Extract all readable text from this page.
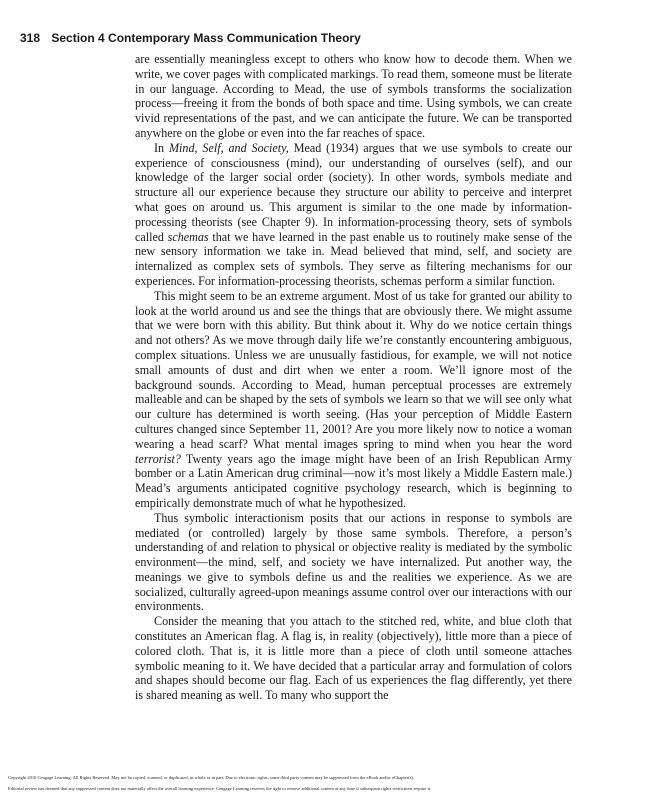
318 Section 4 Contemporary Mass Communication Theory

are essentially meaningless except to others who know how to decode them. When we write, we cover pages with complicated markings. To read them, someone must be literate in our language. According to Mead, the use of symbols transforms the socialization process—freeing it from the bonds of both space and time. Using symbols, we can create vivid representations of the past, and we can anticipate the future. We can be transported anywhere on the globe or even into the far reaches of space.

In Mind, Self, and Society, Mead (1934) argues that we use symbols to create our experience of consciousness (mind), our understanding of ourselves (self), and our knowledge of the larger social order (society). In other words, symbols mediate and structure all our experience because they structure our ability to perceive and interpret what goes on around us. This argument is similar to the one made by information-processing theorists (see Chapter 9). In information-processing theory, sets of symbols called schemas that we have learned in the past enable us to routinely make sense of the new sensory information we take in. Mead believed that mind, self, and society are internalized as complex sets of symbols. They serve as filtering mechanisms for our experiences. For information-processing theorists, schemas perform a similar function.

This might seem to be an extreme argument. Most of us take for granted our ability to look at the world around us and see the things that are obviously there. We might assume that we were born with this ability. But think about it. Why do we notice certain things and not others? As we move through daily life we’re constantly encountering ambiguous, complex situations. Unless we are unusually fastidious, for example, we will not notice small amounts of dust and dirt when we enter a room. We’ll ignore most of the background sounds. According to Mead, human perceptual processes are extremely malleable and can be shaped by the sets of symbols we learn so that we will see only what our culture has determined is worth seeing. (Has your perception of Middle Eastern cultures changed since September 11, 2001? Are you more likely now to notice a woman wearing a head scarf? What mental images spring to mind when you hear the word terrorist? Twenty years ago the image might have been of an Irish Republican Army bomber or a Latin American drug criminal—now it’s most likely a Middle Eastern male.) Mead’s arguments anticipated cognitive psychology research, which is beginning to empirically demonstrate much of what he hypothesized.

Thus symbolic interactionism posits that our actions in response to symbols are mediated (or controlled) largely by those same symbols. Therefore, a person’s understanding of and relation to physical or objective reality is mediated by the symbolic environment—the mind, self, and society we have internalized. Put another way, the meanings we give to symbols define us and the realities we experience. As we are socialized, culturally agreed-upon meanings assume control over our interactions with our environments.

Consider the meaning that you attach to the stitched red, white, and blue cloth that constitutes an American flag. A flag is, in reality (objectively), little more than a piece of colored cloth. That is, it is little more than a piece of cloth until someone attaches symbolic meaning to it. We have decided that a particular array and formulation of colors and shapes should become our flag. Each of us experiences the flag differently, yet there is shared meaning as well. To many who support the

Copyright 2010 Cengage Learning. All Rights Reserved. May not be copied, scanned, or duplicated, in whole or in part. Due to electronic rights, some third party content may be suppressed from the eBook and/or eChapter(s).
Editorial review has deemed that any suppressed content does not materially affect the overall learning experience. Cengage Learning reserves the right to remove additional content at any time if subsequent rights restrictions require it.
